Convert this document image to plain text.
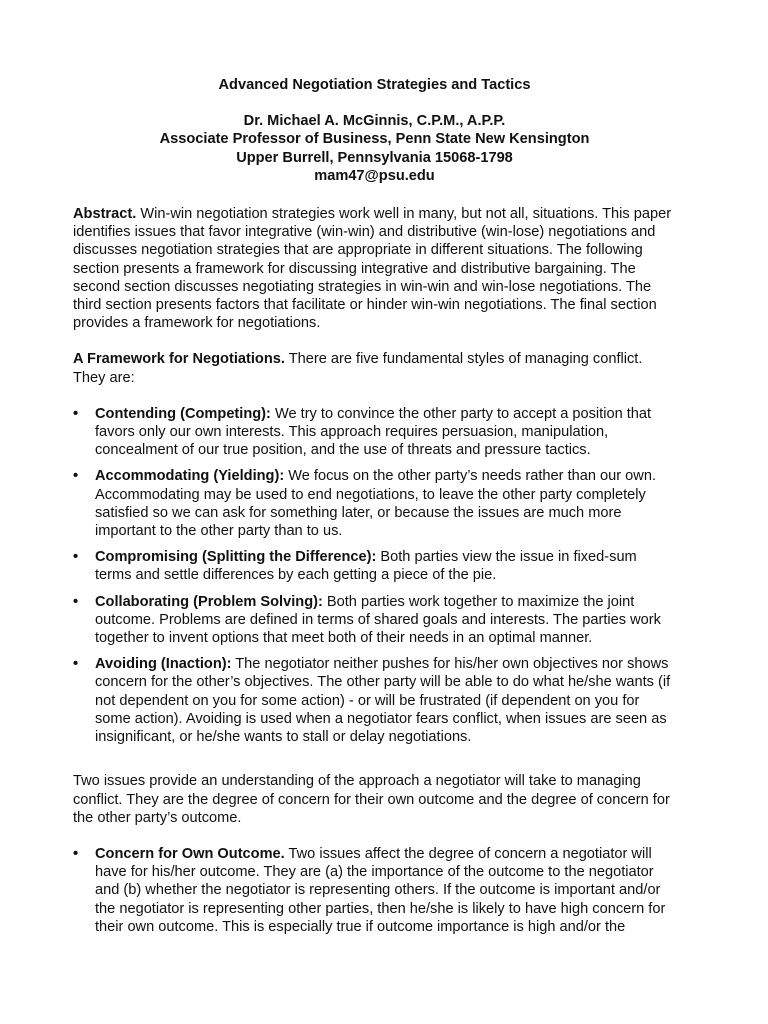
Advanced Negotiation Strategies and Tactics

Dr. Michael A. McGinnis, C.P.M., A.P.P.

Associate Professor of Business, Penn State New Kensington

Upper Burrell, Pennsylvania 15068-1798

mam47@psu.edu

Abstract. Win-win negotiation strategies work well in many, but not all, situations. This paper identifies issues that favor integrative (win-win) and distributive (win-lose) negotiations and discusses negotiation strategies that are appropriate in different situations. The following section presents a framework for discussing integrative and distributive bargaining. The second section discusses negotiating strategies in win-win and win-lose negotiations. The third section presents factors that facilitate or hinder win-win negotiations. The final section provides a framework for negotiations.

A Framework for Negotiations. There are five fundamental styles of managing conflict. They are:

• Contending (Competing): We try to convince the other party to accept a position that favors only our own interests. This approach requires persuasion, manipulation, concealment of our true position, and the use of threats and pressure tactics.
• Accommodating (Yielding): We focus on the other party’s needs rather than our own. Accommodating may be used to end negotiations, to leave the other party completely satisfied so we can ask for something later, or because the issues are much more important to the other party than to us.
• Compromising (Splitting the Difference): Both parties view the issue in fixed-sum terms and settle differences by each getting a piece of the pie.
• Collaborating (Problem Solving): Both parties work together to maximize the joint outcome. Problems are defined in terms of shared goals and interests. The parties work together to invent options that meet both of their needs in an optimal manner.
• Avoiding (Inaction): The negotiator neither pushes for his/her own objectives nor shows concern for the other’s objectives. The other party will be able to do what he/she wants (if not dependent on you for some action) - or will be frustrated (if dependent on you for some action). Avoiding is used when a negotiator fears conflict, when issues are seen as insignificant, or he/she wants to stall or delay negotiations.

Two issues provide an understanding of the approach a negotiator will take to managing conflict. They are the degree of concern for their own outcome and the degree of concern for the other party’s outcome.

• Concern for Own Outcome. Two issues affect the degree of concern a negotiator will have for his/her outcome. They are (a) the importance of the outcome to the negotiator and (b) whether the negotiator is representing others. If the outcome is important and/or the negotiator is representing other parties, then he/she is likely to have high concern for their own outcome. This is especially true if outcome importance is high and/or the
